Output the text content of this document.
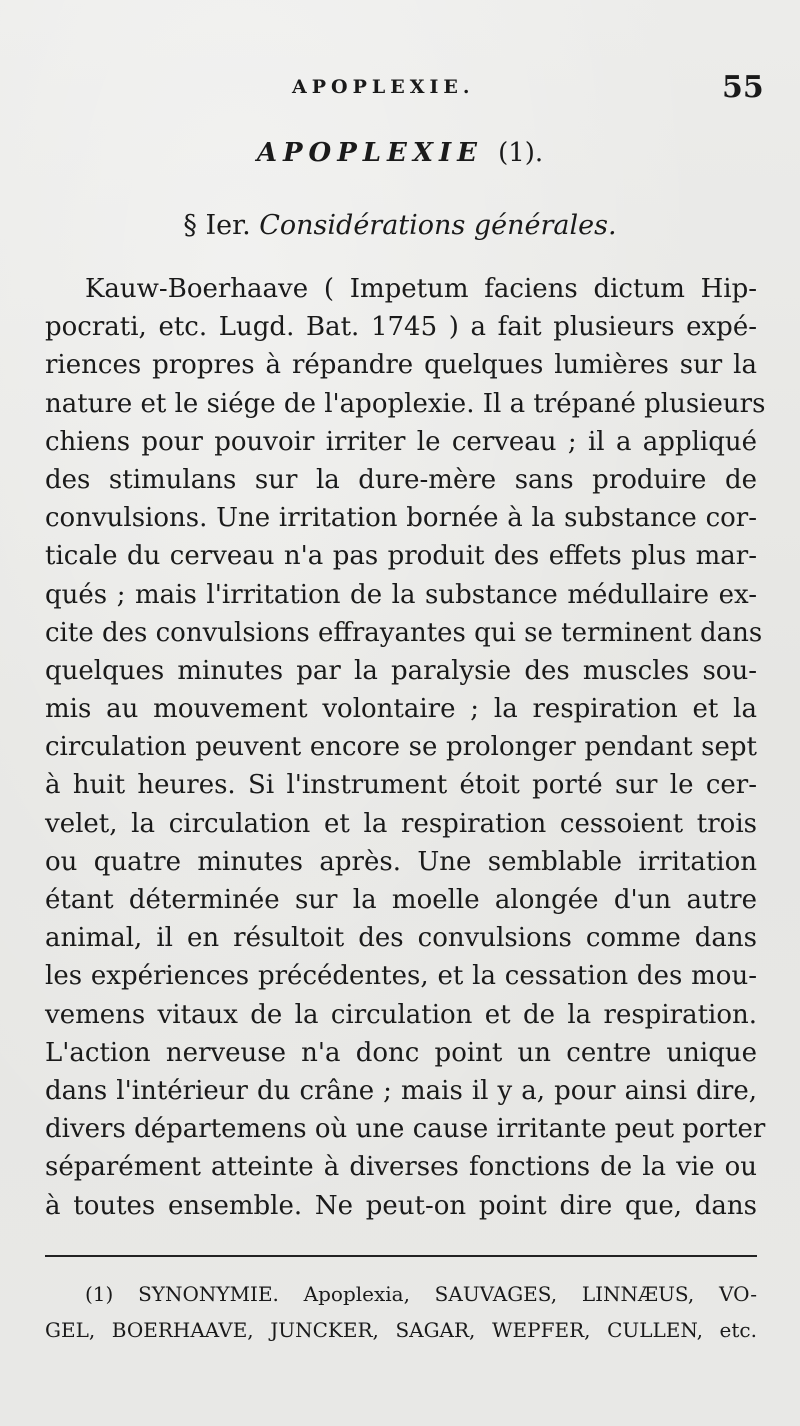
APOPLEXIE.	55
APOPLEXIE (1).
§ Ier. Considérations générales.
Kauw-Boerhaave ( Impetum faciens dictum Hip-
pocrati, etc. Lugd. Bat. 1745 ) a fait plusieurs expé-
riences propres à répandre quelques lumières sur la
nature et le siége de l'apoplexie. Il a trépané plusieurs
chiens pour pouvoir irriter le cerveau ; il a appliqué
des stimulans sur la dure-mère sans produire de
convulsions. Une irritation bornée à la substance cor-
ticale du cerveau n'a pas produit des effets plus mar-
qués ; mais l'irritation de la substance médullaire ex-
cite des convulsions effrayantes qui se terminent dans
quelques minutes par la paralysie des muscles sou-
mis au mouvement volontaire ; la respiration et la
circulation peuvent encore se prolonger pendant sept
à huit heures. Si l'instrument étoit porté sur le cer-
velet, la circulation et la respiration cessoient trois
ou quatre minutes après. Une semblable irritation
étant déterminée sur la moelle alongée d'un autre
animal, il en résultoit des convulsions comme dans
les expériences précédentes, et la cessation des mou-
vemens vitaux de la circulation et de la respiration.
L'action nerveuse n'a donc point un centre unique
dans l'intérieur du crâne ; mais il y a, pour ainsi dire,
divers départemens où une cause irritante peut porter
séparément atteinte à diverses fonctions de la vie ou
à toutes ensemble. Ne peut-on point dire que, dans
(1) SYNONYMIE. Apoplexia, SAUVAGES, LINNÆUS, VO-
GEL, BOERHAAVE, JUNCKER, SAGAR, WEPFER, CULLEN, etc.
